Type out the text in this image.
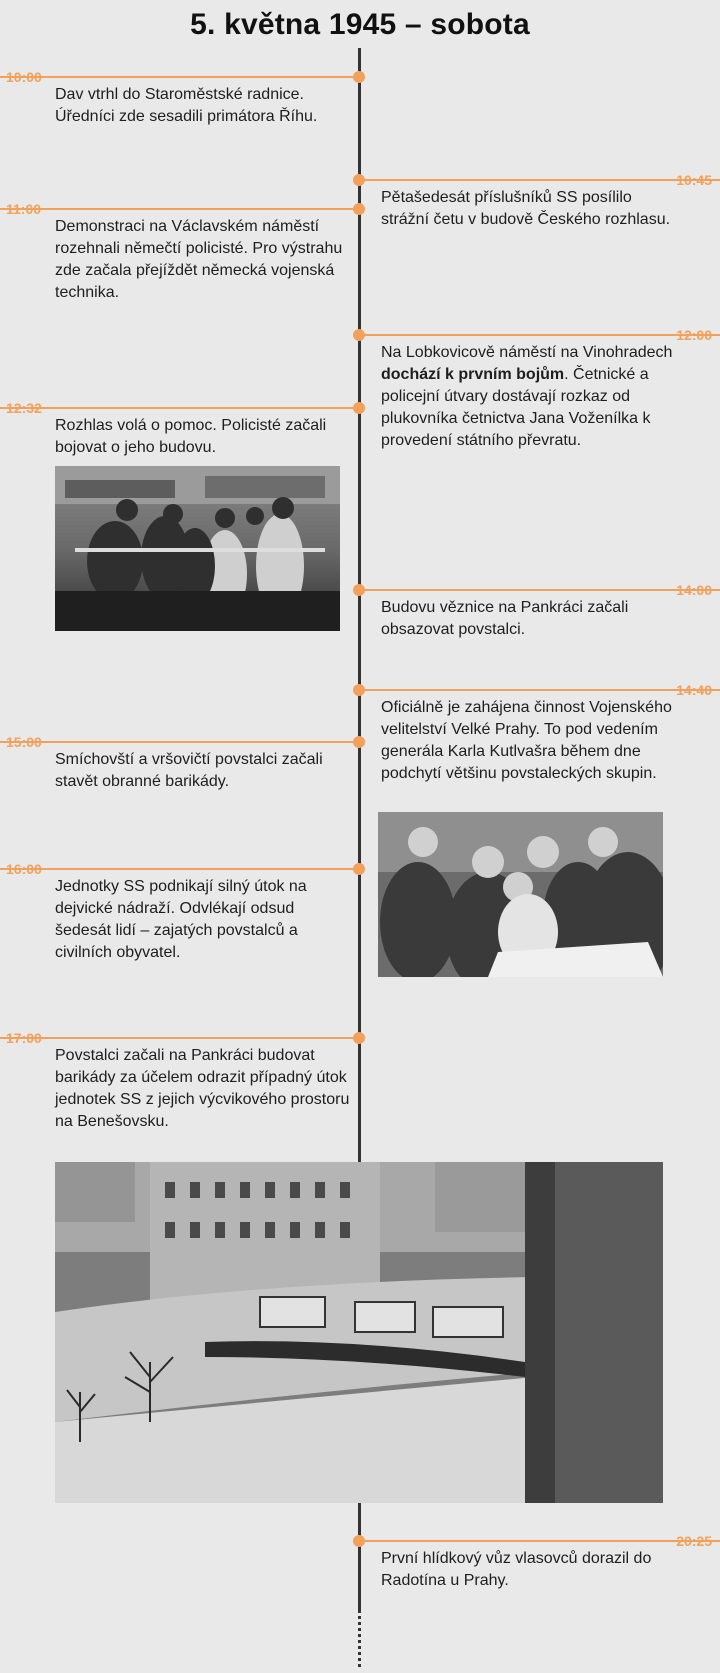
5. května 1945 – sobota
10:00
Dav vtrhl do Staroměstské radnice. Úředníci zde sesadili primátora Říhu.
10:45
Pětašedesát příslušníků SS posílilo strážní četu v budově Českého rozhlasu.
11:00
Demonstraci na Václavském náměstí rozehnali němečtí policisté. Pro výstrahu zde začala přejíždět německá vojenská technika.
12:00
Na Lobkovicově náměstí na Vinohradech dochází k prvním bojům. Četnické a policejní útvary dostávají rozkaz od plukovníka četnictva Jana Voženílka k provedení státního převratu.
12:32
Rozhlas volá o pomoc. Policisté začali bojovat o jeho budovu.
14:00
Budovu věznice na Pankráci začali obsazovat povstalci.
14:40
Oficiálně je zahájena činnost Vojenského velitelství Velké Prahy. To pod vedením generála Karla Kutlvašra během dne podchytí většinu povstaleckých skupin.
15:00
Smíchovští a vršovičtí povstalci začali stavět obranné barikády.
16:00
Jednotky SS podnikají silný útok na dejvické nádraží. Odvlékají odsud šedesát lidí – zajatých povstalců a civilních obyvatel.
17:00
Povstalci začali na Pankráci budovat barikády za účelem odrazit případný útok jednotek SS z jejich výcvikového prostoru na Benešovsku.
20:25
První hlídkový vůz vlasovců dorazil do Radotína u Prahy.
